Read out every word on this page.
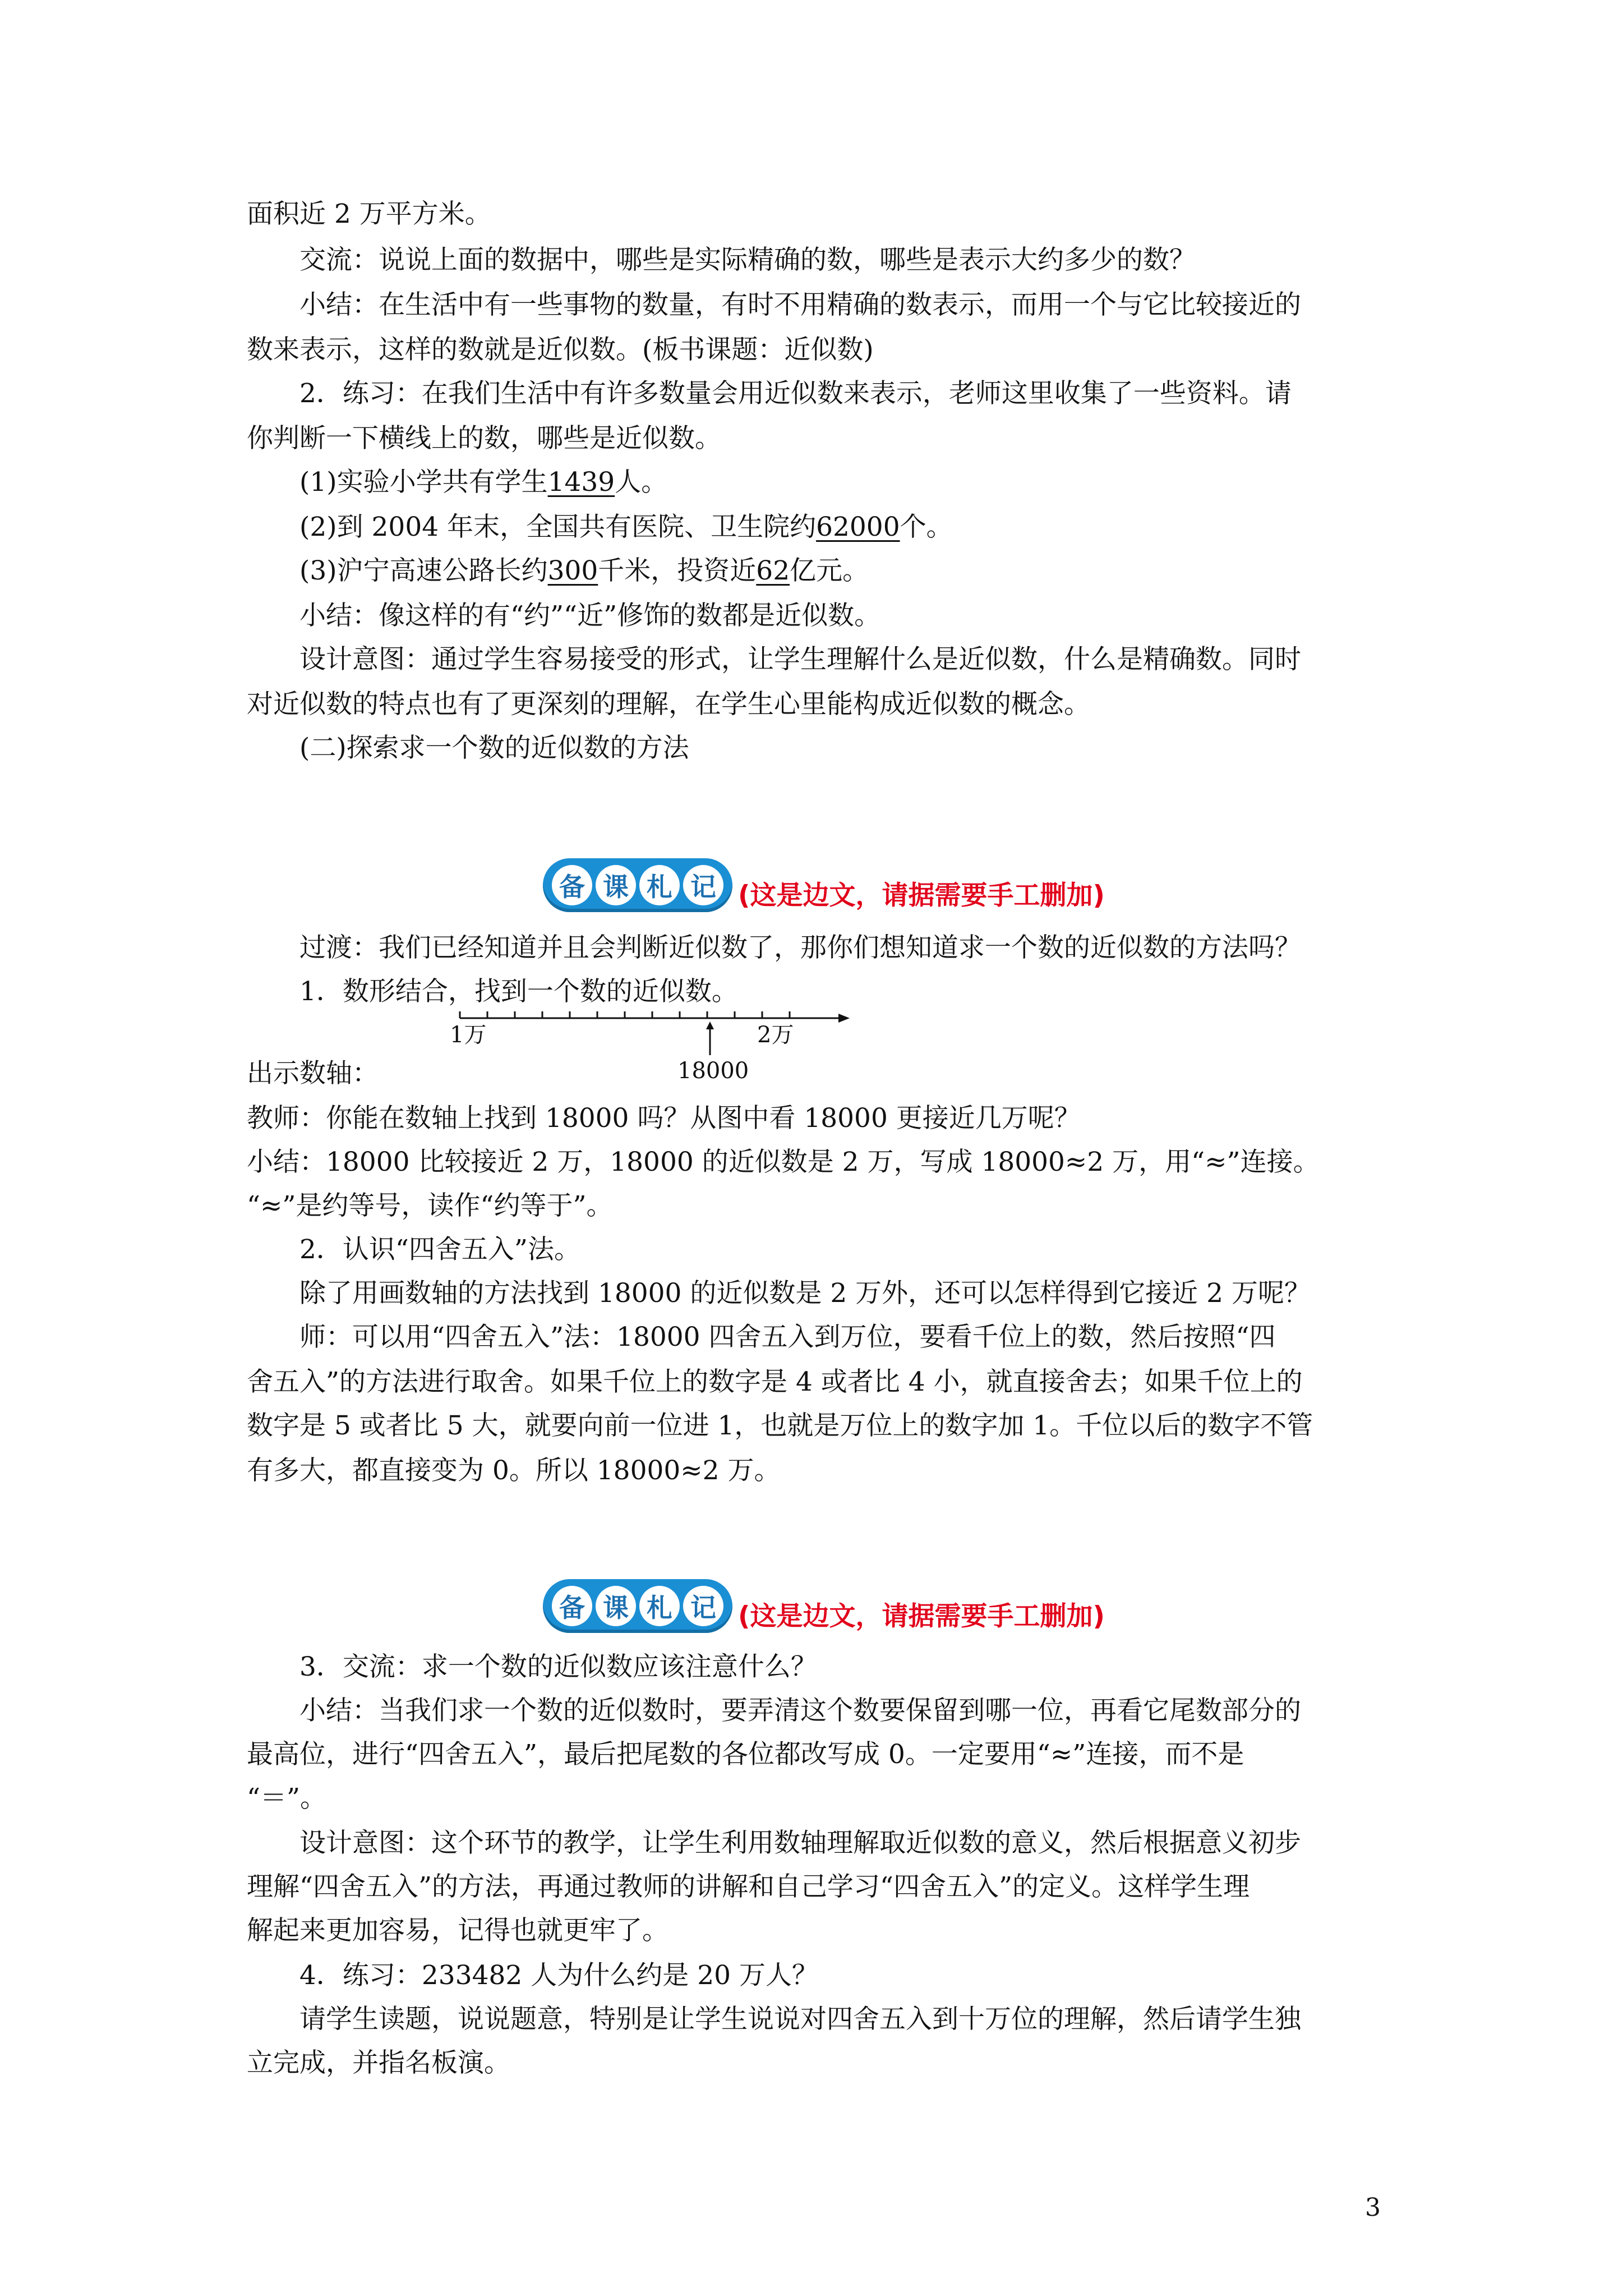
面积近 2 万平方米。
交流：说说上面的数据中，哪些是实际精确的数，哪些是表示大约多少的数？
小结：在生活中有一些事物的数量，有时不用精确的数表示，而用一个与它比较接近的
数来表示，这样的数就是近似数。(板书课题：近似数)
2．练习：在我们生活中有许多数量会用近似数来表示，老师这里收集了一些资料。请
你判断一下横线上的数，哪些是近似数。
(1)实验小学共有学生1439人。
(2)到 2004 年末，全国共有医院、卫生院约62000个。
(3)沪宁高速公路长约300千米，投资近62亿元。
小结：像这样的有“约”“近”修饰的数都是近似数。
设计意图：通过学生容易接受的形式，让学生理解什么是近似数，什么是精确数。同时
对近似数的特点也有了更深刻的理解，在学生心里能构成近似数的概念。
(二)探索求一个数的近似数的方法
备 课 札 记 (这是边文，请据需要手工删加)
过渡：我们已经知道并且会判断近似数了，那你们想知道求一个数的近似数的方法吗？
1．数形结合，找到一个数的近似数。
1万	2万
18000
出示数轴：
教师：你能在数轴上找到 18000 吗？从图中看 18000 更接近几万呢？
小结：18000 比较接近 2 万，18000 的近似数是 2 万，写成 18000≈2 万，用“≈”连接。
“≈”是约等号，读作“约等于”。
2．认识“四舍五入”法。
除了用画数轴的方法找到 18000 的近似数是 2 万外，还可以怎样得到它接近 2 万呢？
师：可以用“四舍五入”法：18000 四舍五入到万位，要看千位上的数，然后按照“四
舍五入”的方法进行取舍。如果千位上的数字是 4 或者比 4 小，就直接舍去；如果千位上的
数字是 5 或者比 5 大，就要向前一位进 1，也就是万位上的数字加 1。千位以后的数字不管
有多大，都直接变为 0。所以 18000≈2 万。
备 课 札 记 (这是边文，请据需要手工删加)
3．交流：求一个数的近似数应该注意什么？
小结：当我们求一个数的近似数时，要弄清这个数要保留到哪一位，再看它尾数部分的
最高位，进行“四舍五入”，最后把尾数的各位都改写成 0。一定要用“≈”连接，而不是
“＝”。
设计意图：这个环节的教学，让学生利用数轴理解取近似数的意义，然后根据意义初步
理解“四舍五入”的方法，再通过教师的讲解和自己学习“四舍五入”的定义。这样学生理
解起来更加容易，记得也就更牢了。
4．练习：233482 人为什么约是 20 万人？
请学生读题，说说题意，特别是让学生说说对四舍五入到十万位的理解，然后请学生独
立完成，并指名板演。
3
